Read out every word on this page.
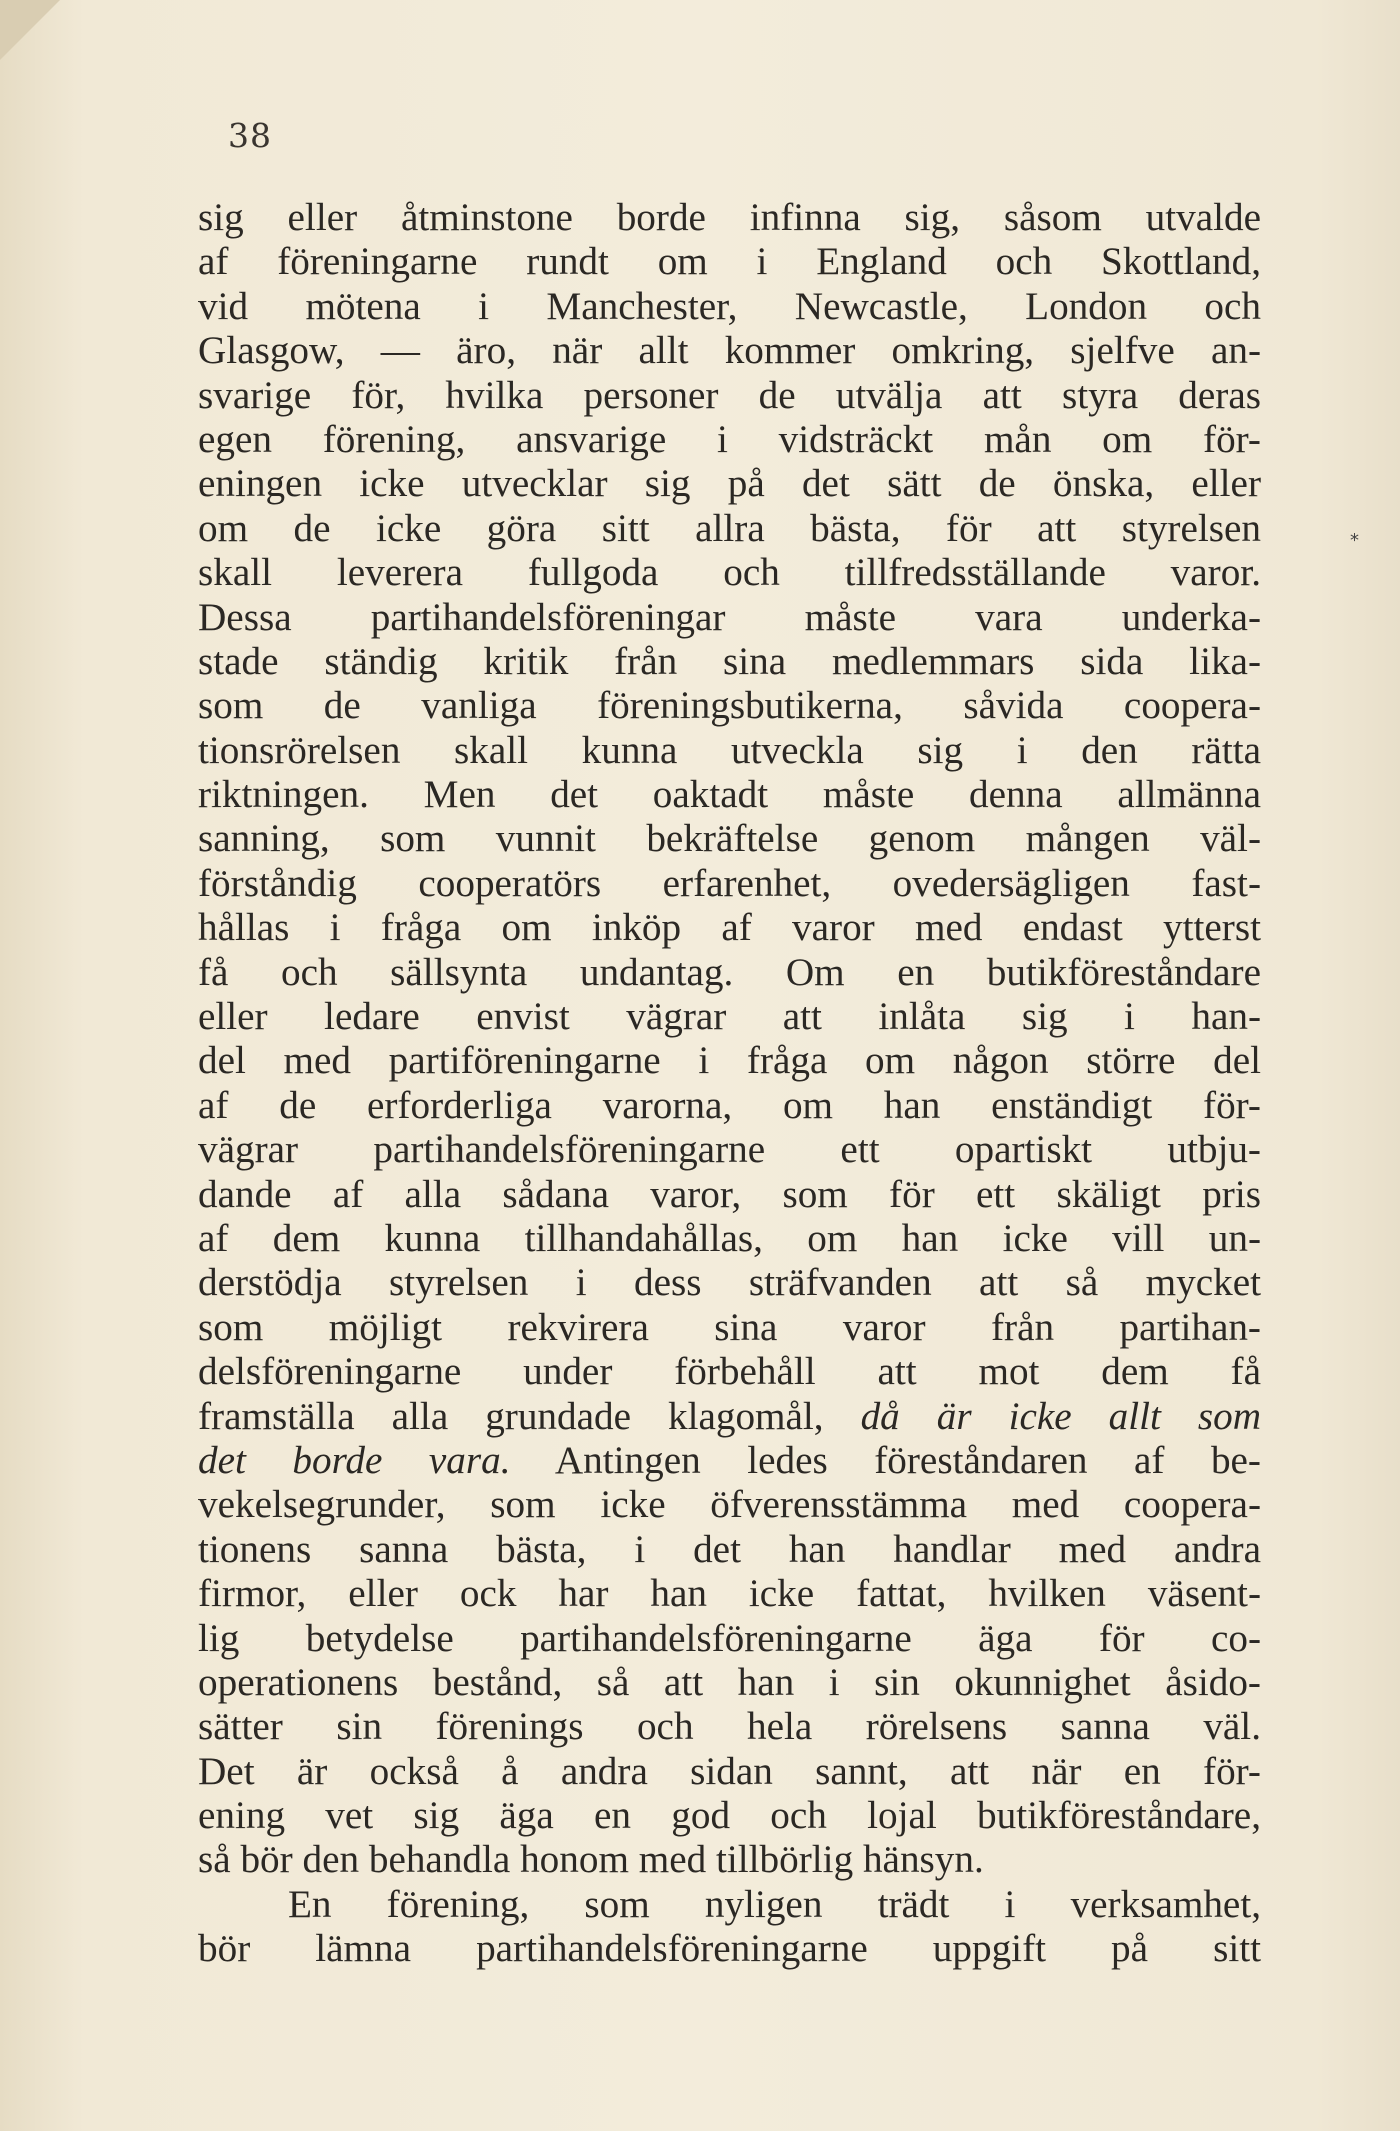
38
*
sig eller åtminstone borde infinna sig, såsom utvalde
af föreningarne rundt om i England och Skottland,
vid mötena i Manchester, Newcastle, London och
Glasgow, — äro, när allt kommer omkring, sjelfve an-
svarige för, hvilka personer de utvälja att styra deras
egen förening, ansvarige i vidsträckt mån om för-
eningen icke utvecklar sig på det sätt de önska, eller
om de icke göra sitt allra bästa, för att styrelsen
skall leverera fullgoda och tillfredsställande varor.
Dessa partihandelsföreningar måste vara underka-
stade ständig kritik från sina medlemmars sida lika-
som de vanliga föreningsbutikerna, såvida coopera-
tionsrörelsen skall kunna utveckla sig i den rätta
riktningen. Men det oaktadt måste denna allmänna
sanning, som vunnit bekräftelse genom mången väl-
förståndig cooperatörs erfarenhet, ovedersägligen fast-
hållas i fråga om inköp af varor med endast ytterst
få och sällsynta undantag. Om en butikföreståndare
eller ledare envist vägrar att inlåta sig i han-
del med partiföreningarne i fråga om någon större del
af de erforderliga varorna, om han enständigt för-
vägrar partihandelsföreningarne ett opartiskt utbju-
dande af alla sådana varor, som för ett skäligt pris
af dem kunna tillhandahållas, om han icke vill un-
derstödja styrelsen i dess sträfvanden att så mycket
som möjligt rekvirera sina varor från partihan-
delsföreningarne under förbehåll att mot dem få
framställa alla grundade klagomål, då är icke allt som
det borde vara. Antingen ledes föreståndaren af be-
vekelsegrunder, som icke öfverensstämma med coopera-
tionens sanna bästa, i det han handlar med andra
firmor, eller ock har han icke fattat, hvilken väsent-
lig betydelse partihandelsföreningarne äga för co-
operationens bestånd, så att han i sin okunnighet åsido-
sätter sin förenings och hela rörelsens sanna väl.
Det är också å andra sidan sannt, att när en för-
ening vet sig äga en god och lojal butikföreståndare,
så bör den behandla honom med tillbörlig hänsyn.
En förening, som nyligen trädt i verksamhet,
bör lämna partihandelsföreningarne uppgift på sitt
